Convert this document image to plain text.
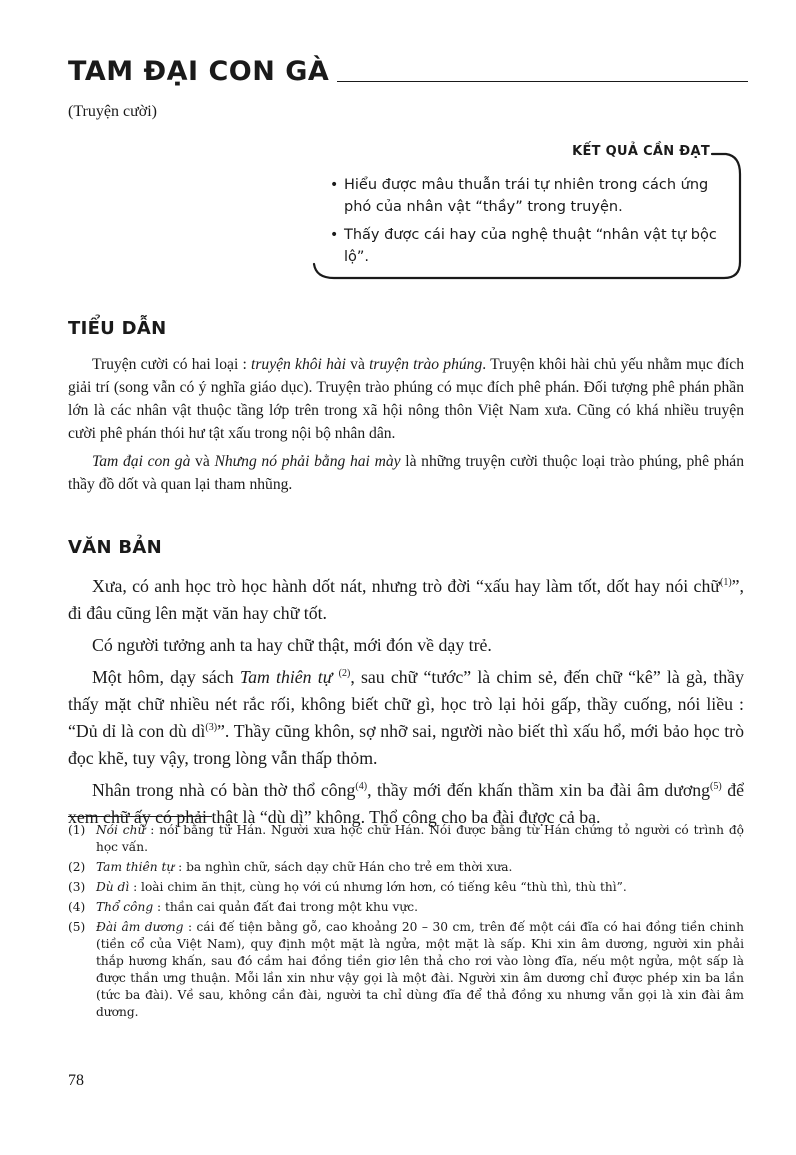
TAM ĐẠI CON GÀ
(Truyện cười)
KẾT QUẢ CẦN ĐẠT
• Hiểu được mâu thuẫn trái tự nhiên trong cách ứng phó của nhân vật “thầy” trong truyện.
• Thấy được cái hay của nghệ thuật “nhân vật tự bộc lộ”.
TIỂU DẪN

Truyện cười có hai loại : truyện khôi hài và truyện trào phúng. Truyện khôi hài chủ yếu nhằm mục đích giải trí (song vẫn có ý nghĩa giáo dục). Truyện trào phúng có mục đích phê phán. Đối tượng phê phán phần lớn là các nhân vật thuộc tầng lớp trên trong xã hội nông thôn Việt Nam xưa. Cũng có khá nhiều truyện cười phê phán thói hư tật xấu trong nội bộ nhân dân.

Tam đại con gà và Nhưng nó phải bằng hai mày là những truyện cười thuộc loại trào phúng, phê phán thầy đồ dốt và quan lại tham nhũng.

VĂN BẢN

Xưa, có anh học trò học hành dốt nát, nhưng trò đời “xấu hay làm tốt, dốt hay nói chữ$^{(1)}$”, đi đâu cũng lên mặt văn hay chữ tốt.

Có người tưởng anh ta hay chữ thật, mới đón về dạy trẻ.

Một hôm, dạy sách Tam thiên tự $^{(2)}$, sau chữ “tước” là chim sẻ, đến chữ “kê” là gà, thầy thấy mặt chữ nhiều nét rắc rối, không biết chữ gì, học trò lại hỏi gấp, thầy cuống, nói liều : “Dủ dỉ là con dù $dì^{(3)}$”. Thầy cũng khôn, sợ nhỡ sai, người nào biết thì xấu hổ, mới bảo học trò đọc khẽ, tuy vậy, trong lòng vẫn thấp thỏm.

Nhân trong nhà có bàn thờ thổ công$^{(4)}$, thầy mới đến khấn thầm xin ba đài âm dương$^{(5)}$ để xem chữ ấy có phải thật là “dù dì” không. Thổ công cho ba đài được cả ba.

(1) Nói chữ : nói bằng từ Hán. Người xưa học chữ Hán. Nói được bằng từ Hán chứng tỏ người có trình độ học vấn.
(2) Tam thiên tự : ba nghìn chữ, sách dạy chữ Hán cho trẻ em thời xưa.
(3) Dù dì : loài chim ăn thịt, cùng họ với cú nhưng lớn hơn, có tiếng kêu “thù thì, thù thì”.
(4) Thổ công : thần cai quản đất đai trong một khu vực.
(5) Đài âm dương : cái đế tiện bằng gỗ, cao khoảng 20 – 30 cm, trên đế một cái đĩa có hai đồng tiền chinh (tiền cổ của Việt Nam), quy định một mặt là ngửa, một mặt là sấp. Khi xin âm dương, người xin phải thắp hương khấn, sau đó cầm hai đồng tiền giơ lên thả cho rơi vào lòng đĩa, nếu một ngửa, một sấp là được thần ưng thuận. Mỗi lần xin như vậy gọi là một đài. Người xin âm dương chỉ được phép xin ba lần (tức ba đài). Về sau, không cần đài, người ta chỉ dùng đĩa để thả đồng xu nhưng vẫn gọi là xin đài âm dương.
78
